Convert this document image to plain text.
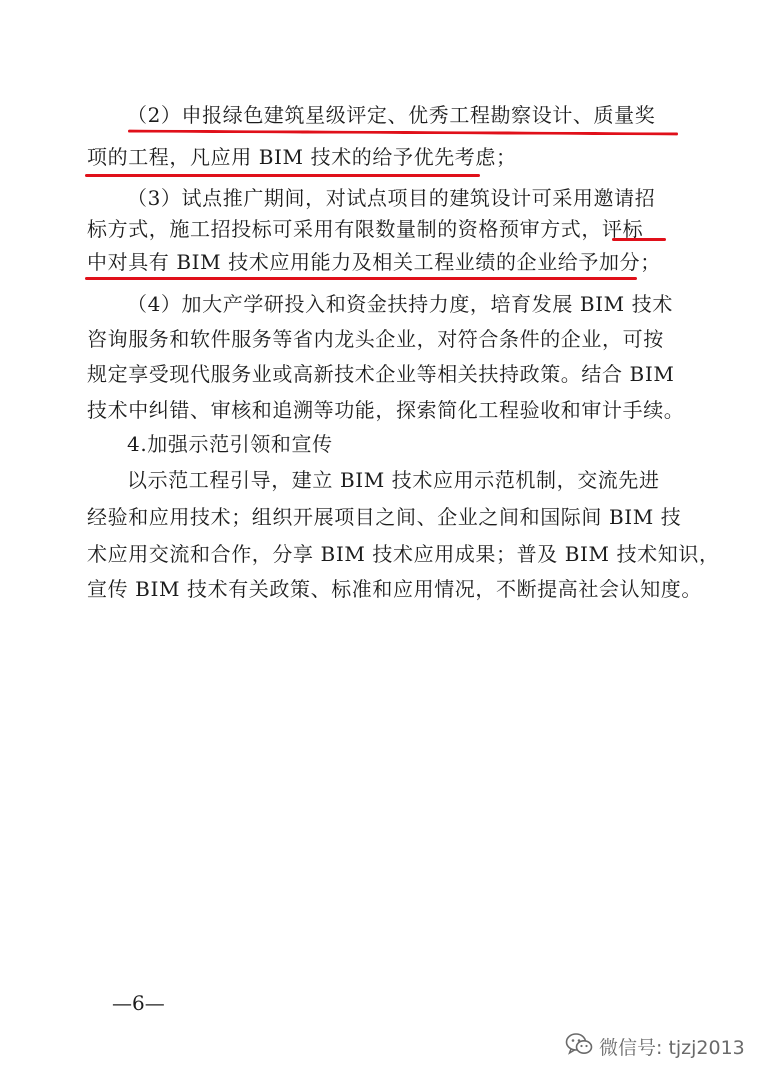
（2）申报绿色建筑星级评定、优秀工程勘察设计、质量奖
项的工程，凡应用 BIM 技术的给予优先考虑；
（3）试点推广期间，对试点项目的建筑设计可采用邀请招
标方式，施工招投标可采用有限数量制的资格预审方式，评标
中对具有 BIM 技术应用能力及相关工程业绩的企业给予加分；
（4）加大产学研投入和资金扶持力度，培育发展 BIM 技术
咨询服务和软件服务等省内龙头企业，对符合条件的企业，可按
规定享受现代服务业或高新技术企业等相关扶持政策。结合 BIM
技术中纠错、审核和追溯等功能，探索简化工程验收和审计手续。
4.加强示范引领和宣传
以示范工程引导，建立 BIM 技术应用示范机制，交流先进
经验和应用技术；组织开展项目之间、企业之间和国际间 BIM 技
术应用交流和合作，分享 BIM 技术应用成果；普及 BIM 技术知识，
宣传 BIM 技术有关政策、标准和应用情况，不断提高社会认知度。
—6—
微信号: tjzj2013
